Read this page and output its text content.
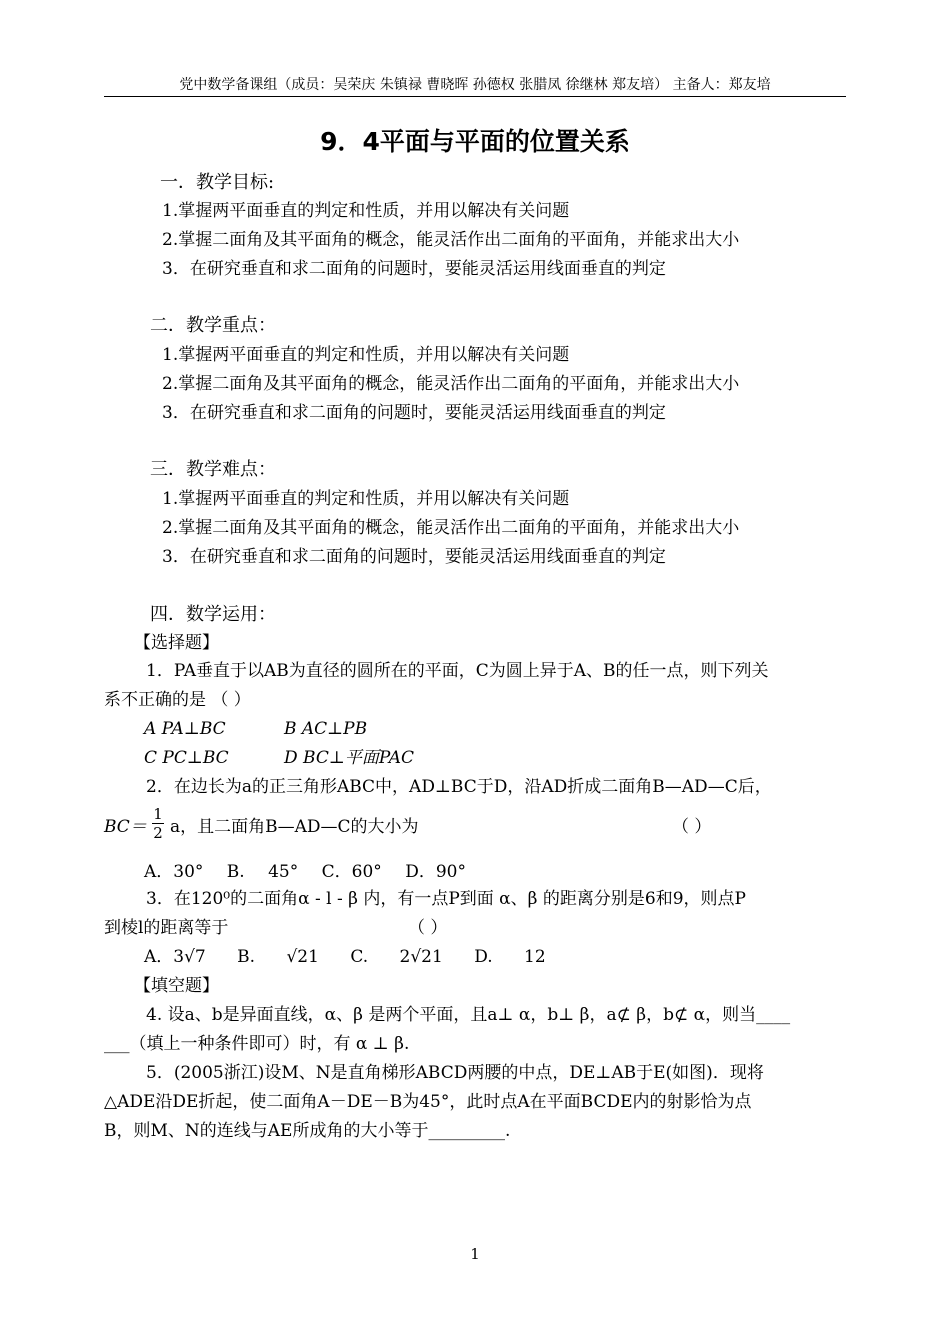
党中数学备课组（成员：吴荣庆 朱镇禄 曹晓晖 孙德权 张腊凤 徐继林 郑友培） 主备人：郑友培
9．4平面与平面的位置关系
一．教学目标:
1.掌握两平面垂直的判定和性质，并用以解决有关问题
2.掌握二面角及其平面角的概念，能灵活作出二面角的平面角，并能求出大小
3．在研究垂直和求二面角的问题时，要能灵活运用线面垂直的判定
二．教学重点：
1.掌握两平面垂直的判定和性质，并用以解决有关问题
2.掌握二面角及其平面角的概念，能灵活作出二面角的平面角，并能求出大小
3．在研究垂直和求二面角的问题时，要能灵活运用线面垂直的判定
三．教学难点：
1.掌握两平面垂直的判定和性质，并用以解决有关问题
2.掌握二面角及其平面角的概念，能灵活作出二面角的平面角，并能求出大小
3．在研究垂直和求二面角的问题时，要能灵活运用线面垂直的判定
四．数学运用：
【选择题】
1．PA垂直于以AB为直径的圆所在的平面，C为圆上异于A、B的任一点，则下列关
系不正确的是 （ ）
A PA⊥BC	B AC⊥PB
C PC⊥BC	D BC⊥平面PAC
2．在边长为a的正三角形ABC中，AD⊥BC于D，沿AD折成二面角B—AD—C后，
BC＝
1
2 a，且二面角B—AD—C的大小为	（ ）
A．30° B. 45° C．60° D．90°
3．在120⁰的二面角α - l - β 内，有一点P到面 α、β 的距离分别是6和9，则点P
到棱l的距离等于	（ ）
A．3√7 B. √21 C. 2√21 D. 12
【填空题】
4. 设a、b是异面直线，α、β 是两个平面，且a⊥ α，b⊥ β，a⊄ β，b⊄ α，则当____
___（填上一种条件即可）时，有 α ⊥ β.
5．(2005浙江)设M、N是直角梯形ABCD两腰的中点，DE⊥AB于E(如图)．现将
△ADE沿DE折起，使二面角A－DE－B为45°，此时点A在平面BCDE内的射影恰为点
B，则M、N的连线与AE所成角的大小等于_________.
1
